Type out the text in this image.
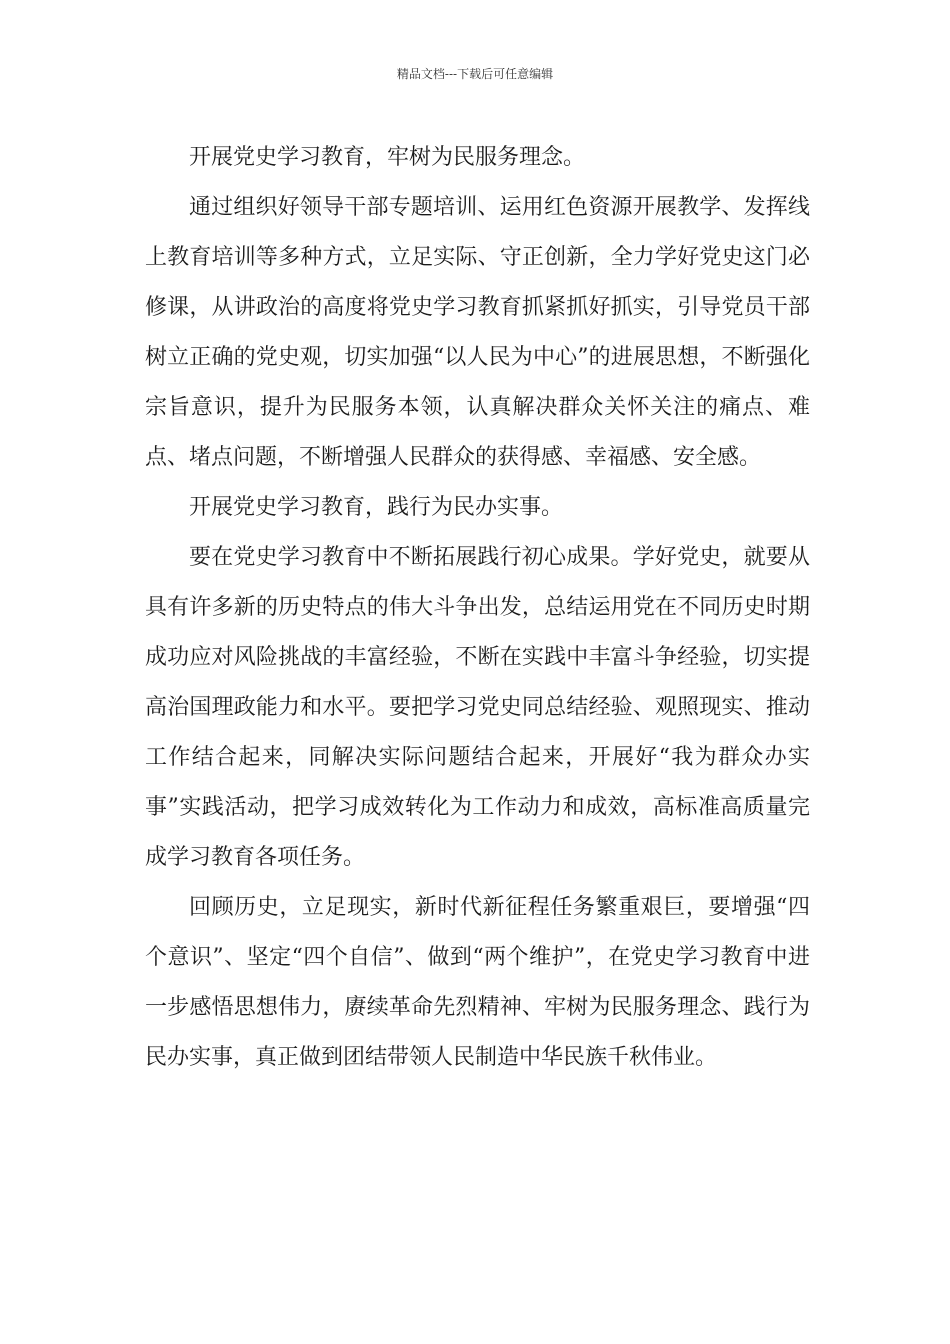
精品文档---下载后可任意编辑

开展党史学习教育，牢树为民服务理念。

通过组织好领导干部专题培训、运用红色资源开展教学、发挥线上教育培训等多种方式，立足实际、守正创新，全力学好党史这门必修课，从讲政治的高度将党史学习教育抓紧抓好抓实，引导党员干部树立正确的党史观，切实加强“以人民为中心”的进展思想，不断强化宗旨意识，提升为民服务本领，认真解决群众关怀关注的痛点、难点、堵点问题，不断增强人民群众的获得感、幸福感、安全感。

开展党史学习教育，践行为民办实事。

要在党史学习教育中不断拓展践行初心成果。学好党史，就要从具有许多新的历史特点的伟大斗争出发，总结运用党在不同历史时期成功应对风险挑战的丰富经验，不断在实践中丰富斗争经验，切实提高治国理政能力和水平。要把学习党史同总结经验、观照现实、推动工作结合起来，同解决实际问题结合起来，开展好“我为群众办实事”实践活动，把学习成效转化为工作动力和成效，高标准高质量完成学习教育各项任务。

回顾历史，立足现实，新时代新征程任务繁重艰巨，要增强“四个意识”、坚定“四个自信”、做到“两个维护”，在党史学习教育中进一步感悟思想伟力，赓续革命先烈精神、牢树为民服务理念、践行为民办实事，真正做到团结带领人民制造中华民族千秋伟业。
